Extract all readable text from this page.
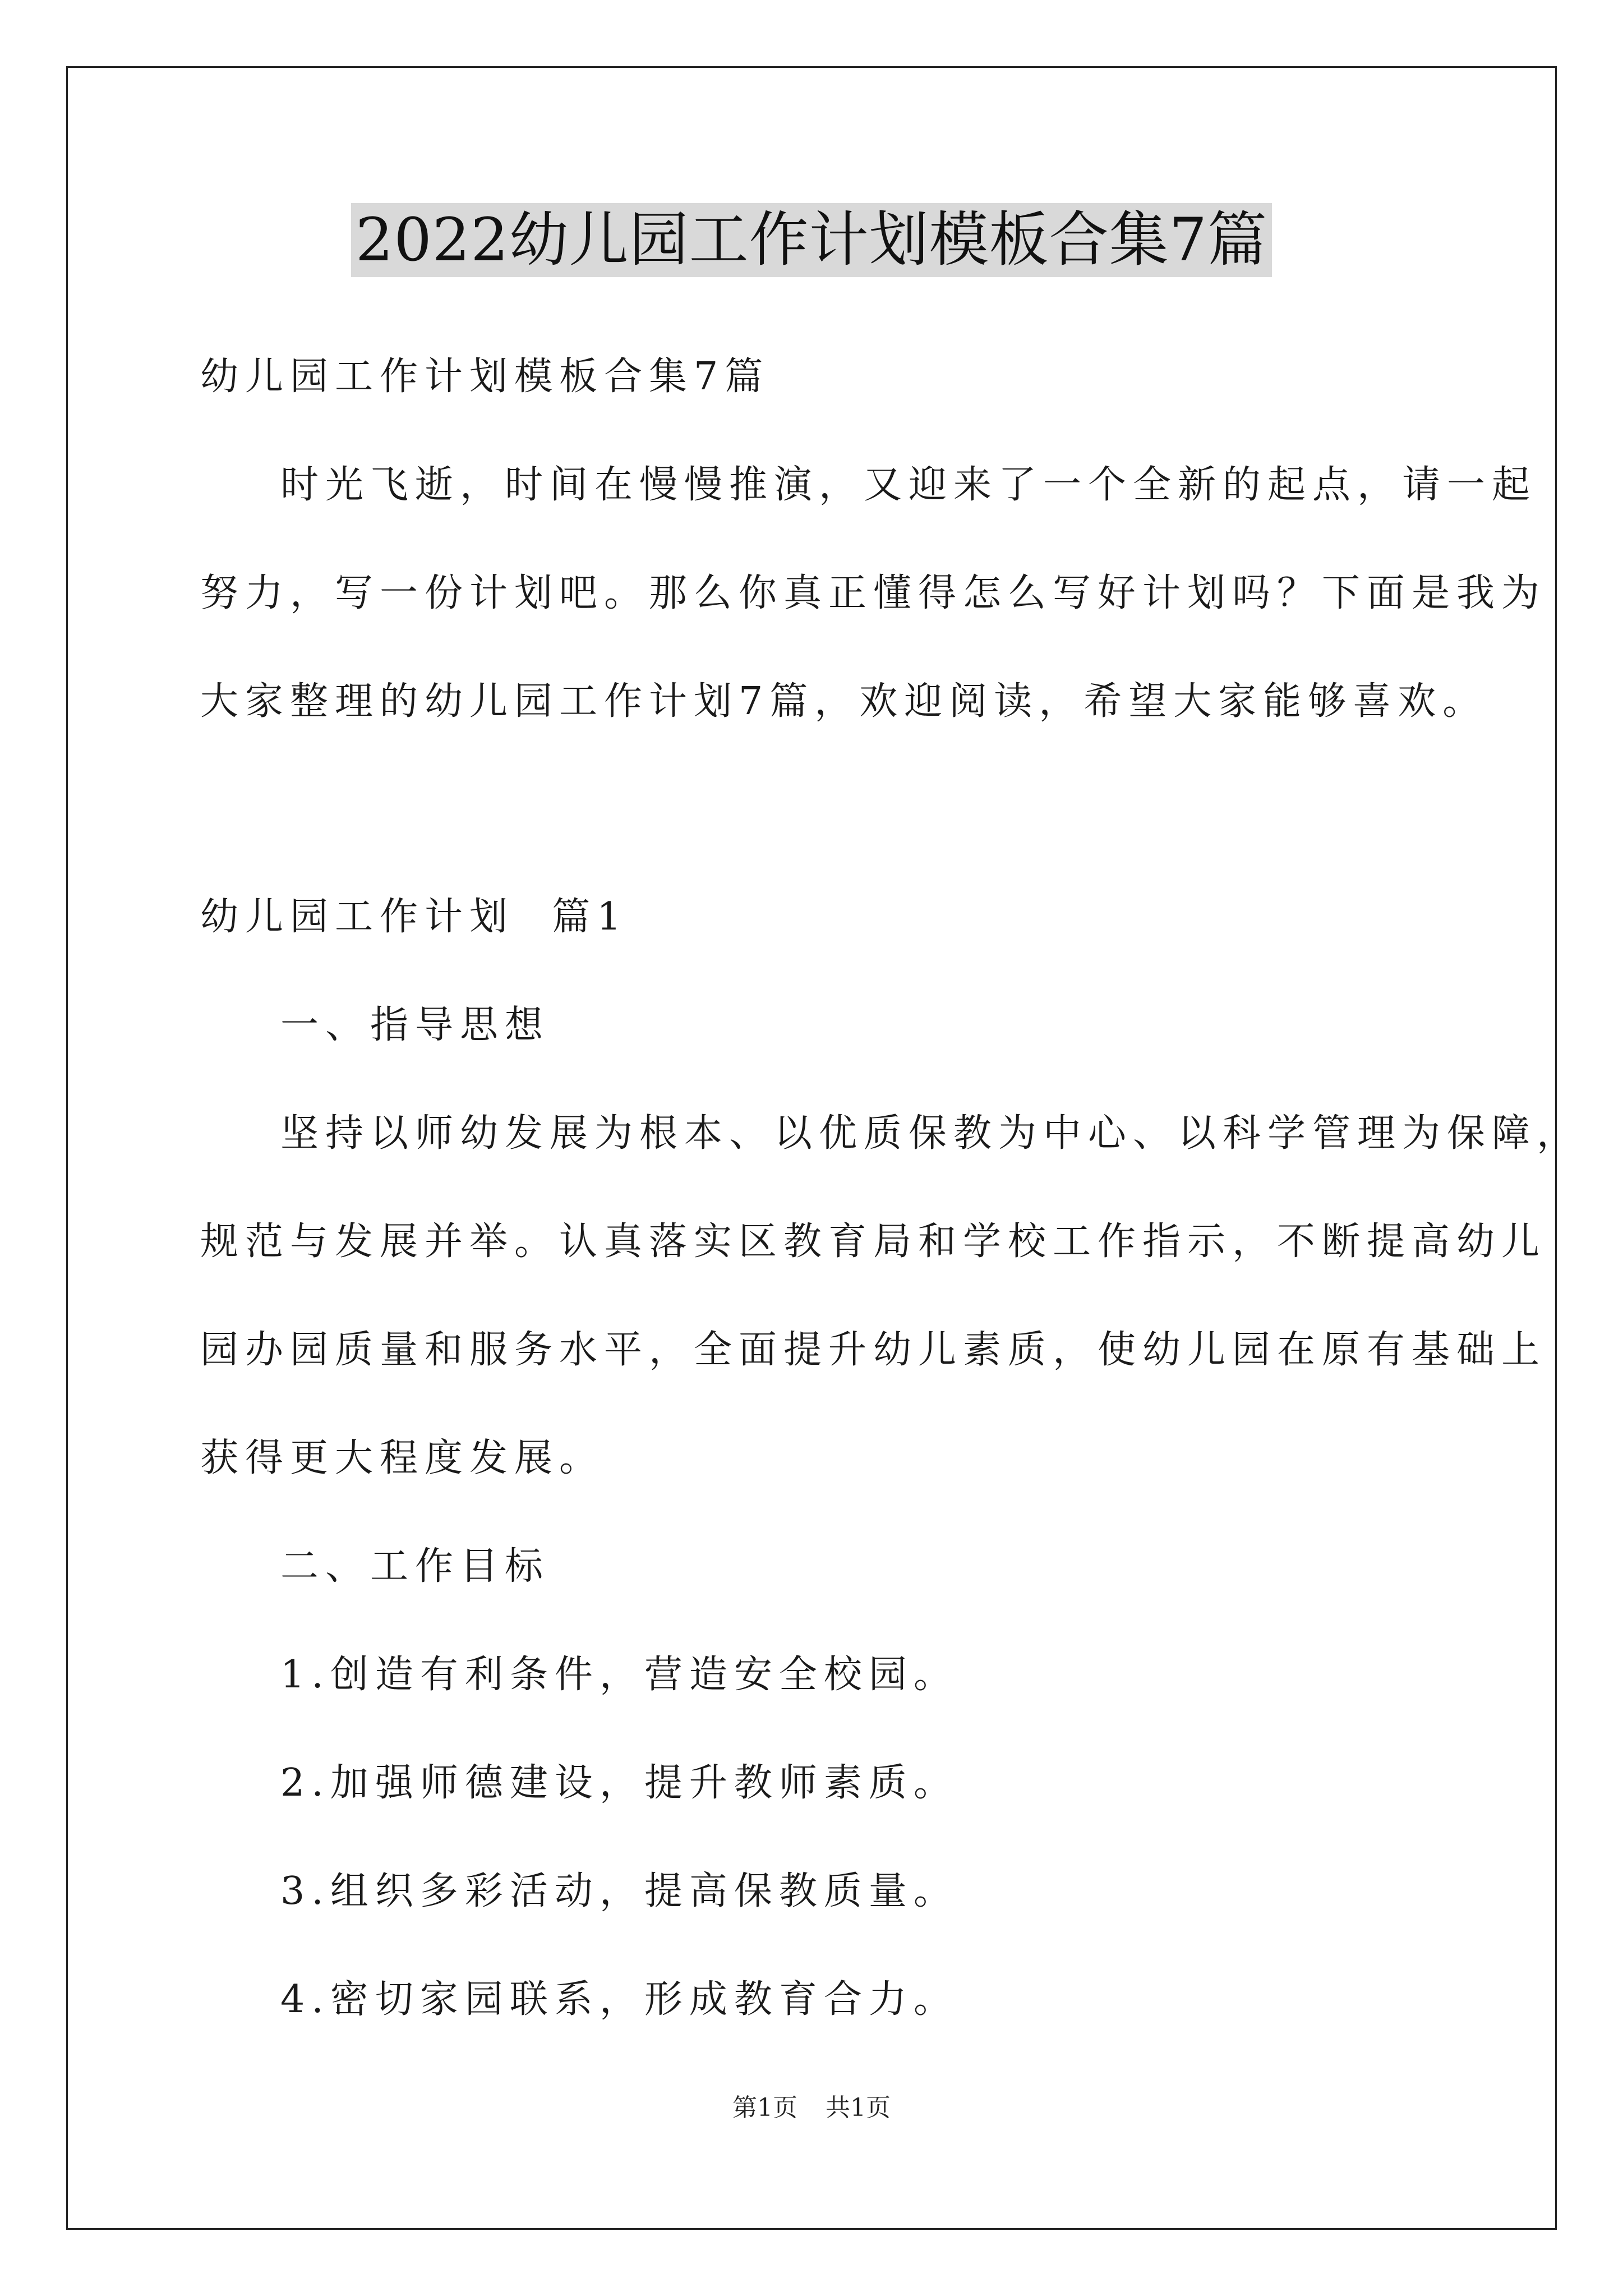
2022幼儿园工作计划模板合集7篇
幼儿园工作计划模板合集7篇
时光飞逝，时间在慢慢推演，又迎来了一个全新的起点，请一起
努力，写一份计划吧。那么你真正懂得怎么写好计划吗？下面是我为
大家整理的幼儿园工作计划7篇，欢迎阅读，希望大家能够喜欢。
幼儿园工作计划  篇1
一、指导思想
坚持以师幼发展为根本、以优质保教为中心、以科学管理为保障，
规范与发展并举。认真落实区教育局和学校工作指示，不断提高幼儿
园办园质量和服务水平，全面提升幼儿素质，使幼儿园在原有基础上
获得更大程度发展。
二、工作目标
1.创造有利条件，营造安全校园。
2.加强师德建设，提升教师素质。
3.组织多彩活动，提高保教质量。
4.密切家园联系，形成教育合力。
第1页 共1页
